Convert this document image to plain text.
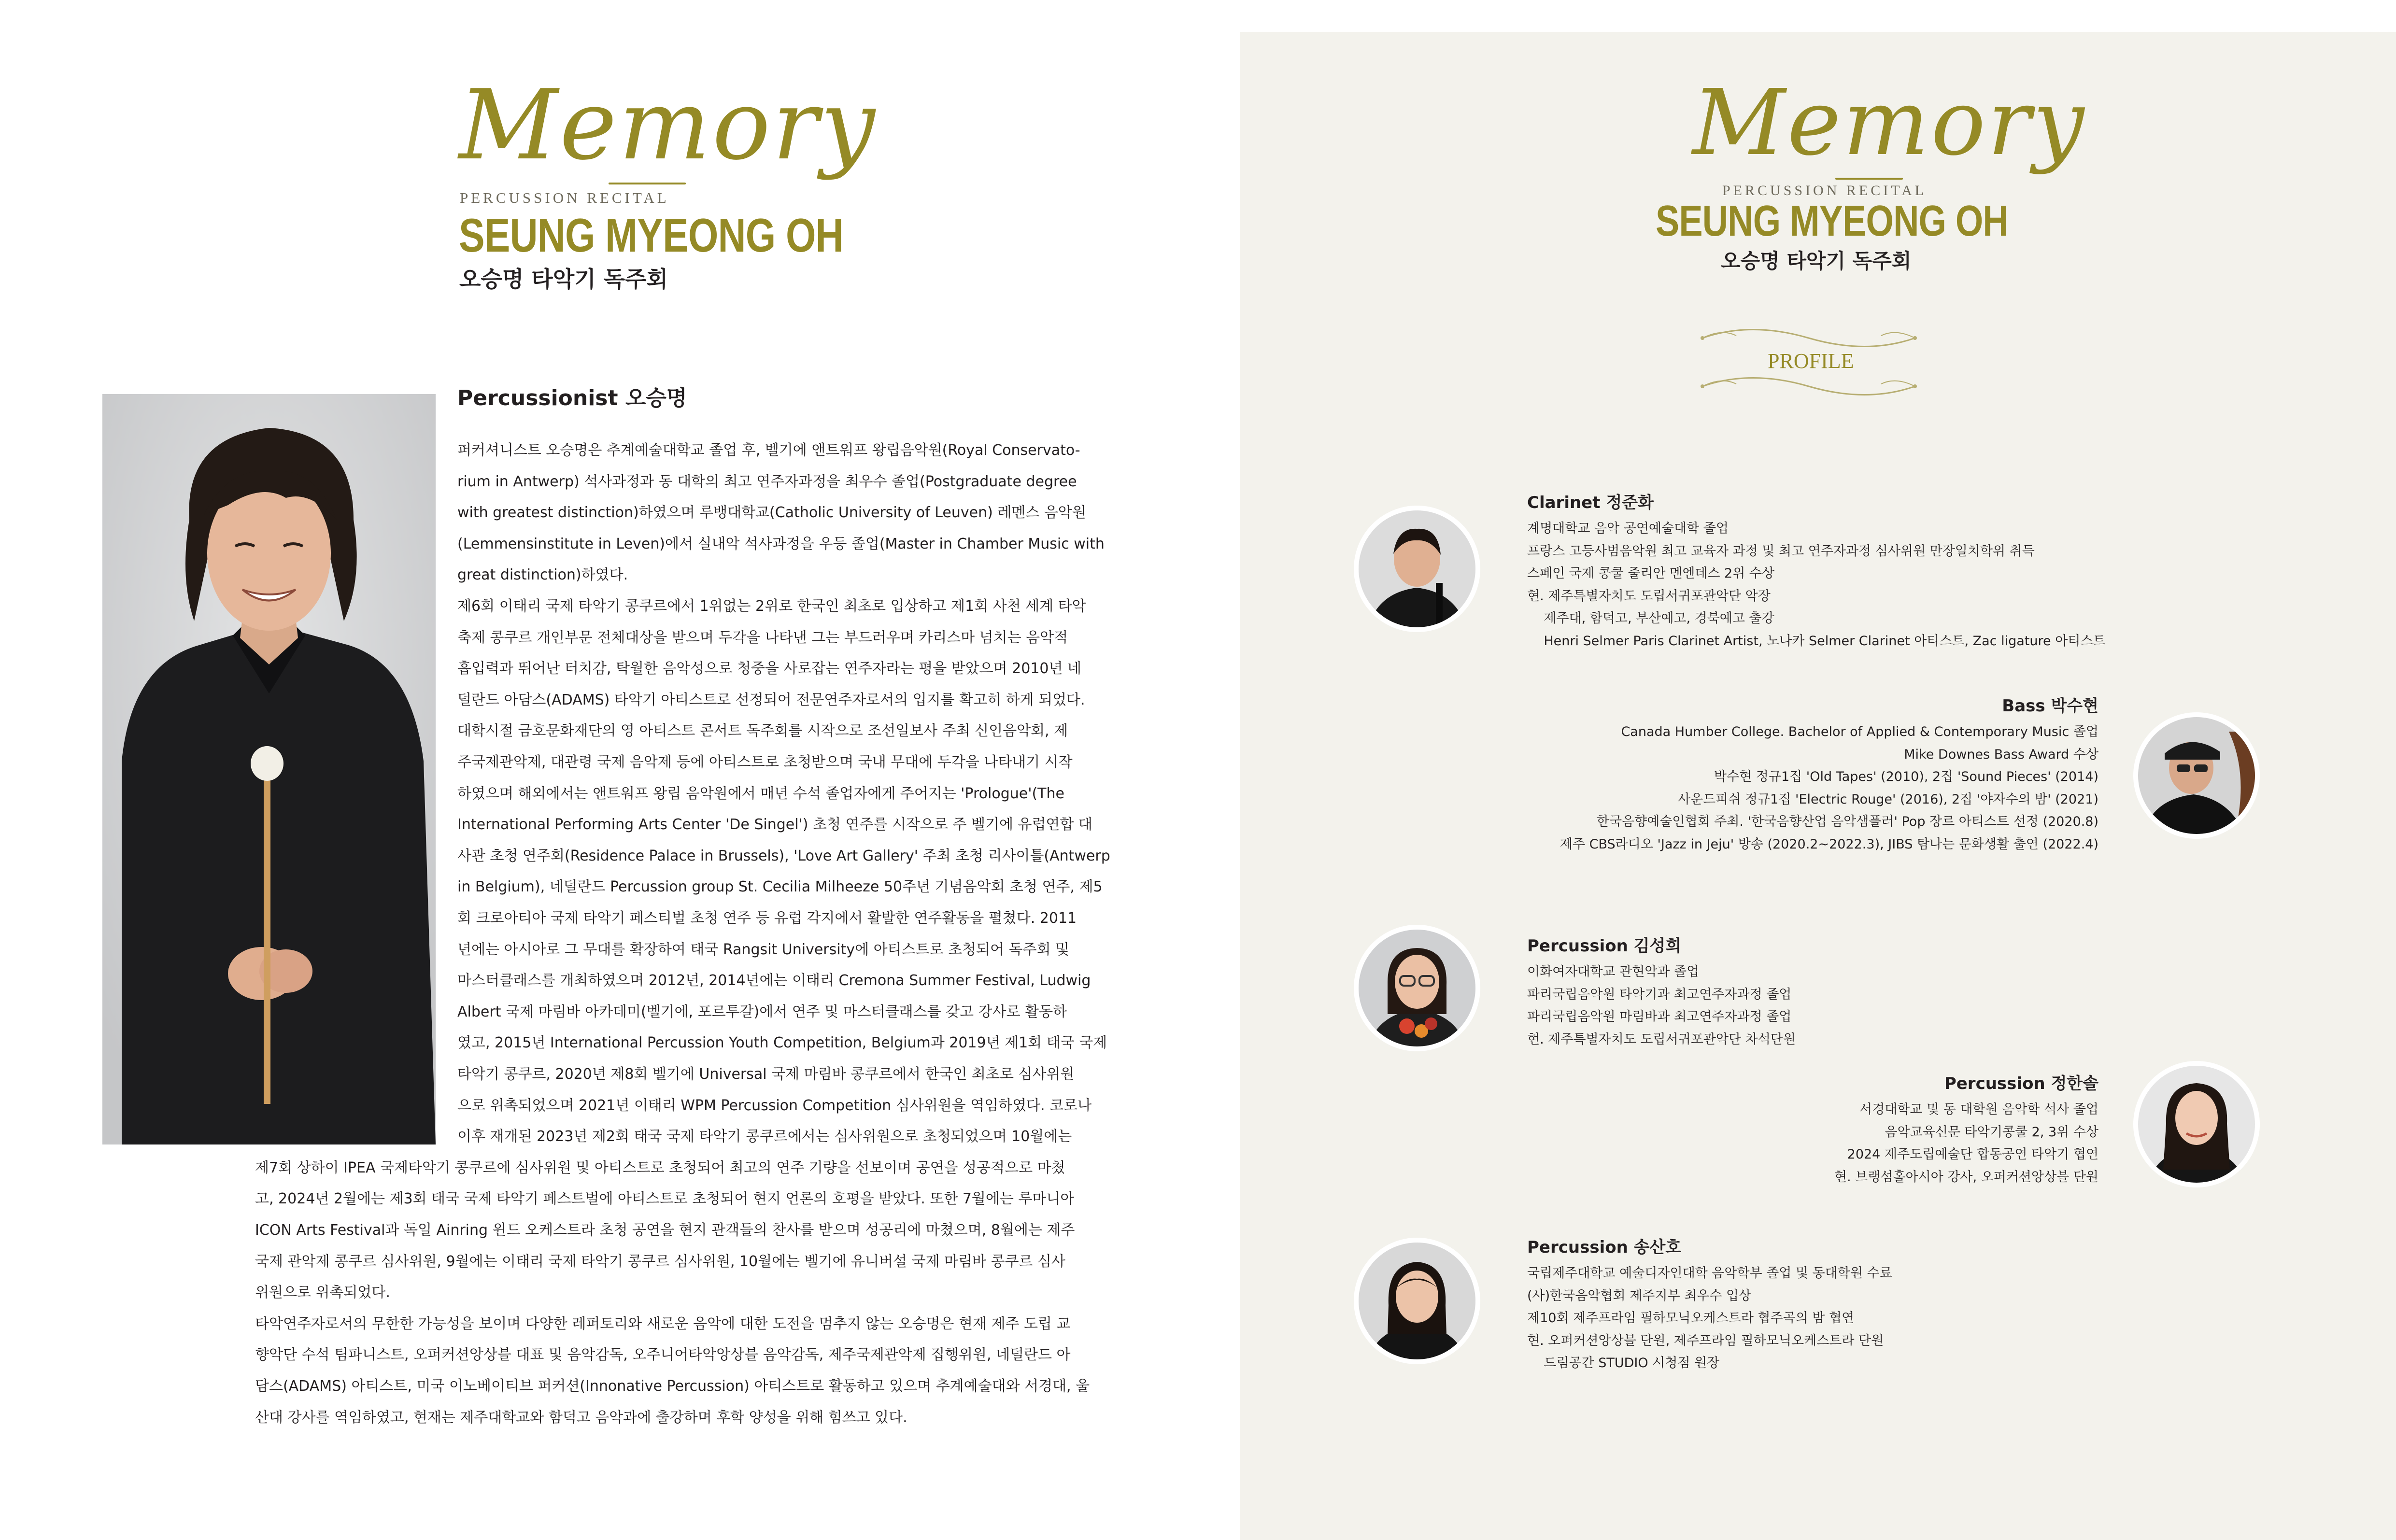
Memory
PERCUSSION RECITAL
SEUNG MYEONG OH
오승명 타악기 독주회
Percussionist 오승명
퍼커셔니스트 오승명은 추계예술대학교 졸업 후, 벨기에 앤트워프 왕립음악원(Royal Conservato-
rium in Antwerp) 석사과정과 동 대학의 최고 연주자과정을 최우수 졸업(Postgraduate degree
with greatest distinction)하였으며 루뱅대학교(Catholic University of Leuven) 레멘스 음악원
(Lemmensinstitute in Leven)에서 실내악 석사과정을 우등 졸업(Master in Chamber Music with
great distinction)하였다.
제6회 이태리 국제 타악기 콩쿠르에서 1위없는 2위로 한국인 최초로 입상하고 제1회 사천 세계 타악
축제 콩쿠르 개인부문 전체대상을 받으며 두각을 나타낸 그는 부드러우며 카리스마 넘치는 음악적
흡입력과 뛰어난 터치감, 탁월한 음악성으로 청중을 사로잡는 연주자라는 평을 받았으며 2010년 네
덜란드 아담스(ADAMS) 타악기 아티스트로 선정되어 전문연주자로서의 입지를 확고히 하게 되었다.
대학시절 금호문화재단의 영 아티스트 콘서트 독주회를 시작으로 조선일보사 주최 신인음악회, 제
주국제관악제, 대관령 국제 음악제 등에 아티스트로 초청받으며 국내 무대에 두각을 나타내기 시작
하였으며 해외에서는 앤트워프 왕립 음악원에서 매년 수석 졸업자에게 주어지는 'Prologue'(The
International Performing Arts Center 'De Singel') 초청 연주를 시작으로 주 벨기에 유럽연합 대
사관 초청 연주회(Residence Palace in Brussels), 'Love Art Gallery' 주최 초청 리사이틀(Antwerp
in Belgium), 네덜란드 Percussion group St. Cecilia Milheeze 50주년 기념음악회 초청 연주, 제5
회 크로아티아 국제 타악기 페스티벌 초청 연주 등 유럽 각지에서 활발한 연주활동을 펼쳤다. 2011
년에는 아시아로 그 무대를 확장하여 태국 Rangsit University에 아티스트로 초청되어 독주회 및
마스터클래스를 개최하였으며 2012년, 2014년에는 이태리 Cremona Summer Festival, Ludwig
Albert 국제 마림바 아카데미(벨기에, 포르투갈)에서 연주 및 마스터클래스를 갖고 강사로 활동하
였고, 2015년 International Percussion Youth Competition, Belgium과 2019년 제1회 태국 국제
타악기 콩쿠르, 2020년 제8회 벨기에 Universal 국제 마림바 콩쿠르에서 한국인 최초로 심사위원
으로 위촉되었으며 2021년 이태리 WPM Percussion Competition 심사위원을 역임하였다. 코로나
이후 재개된 2023년 제2회 태국 국제 타악기 콩쿠르에서는 심사위원으로 초청되었으며 10월에는
제7회 상하이 IPEA 국제타악기 콩쿠르에 심사위원 및 아티스트로 초청되어 최고의 연주 기량을 선보이며 공연을 성공적으로 마쳤
고, 2024년 2월에는 제3회 태국 국제 타악기 페스트벌에 아티스트로 초청되어 현지 언론의 호평을 받았다. 또한 7월에는 루마니아
ICON Arts Festival과 독일 Ainring 윈드 오케스트라 초청 공연을 현지 관객들의 찬사를 받으며 성공리에 마쳤으며, 8월에는 제주
국제 관악제 콩쿠르 심사위원, 9월에는 이태리 국제 타악기 콩쿠르 심사위원, 10월에는 벨기에 유니버설 국제 마림바 콩쿠르 심사
위원으로 위촉되었다.
타악연주자로서의 무한한 가능성을 보이며 다양한 레퍼토리와 새로운 음악에 대한 도전을 멈추지 않는 오승명은 현재 제주 도립 교
향악단 수석 팀파니스트, 오퍼커션앙상블 대표 및 음악감독, 오주니어타악앙상블 음악감독, 제주국제관악제 집행위원, 네덜란드 아
담스(ADAMS) 아티스트, 미국 이노베이티브 퍼커션(Innonative Percussion) 아티스트로 활동하고 있으며 추계예술대와 서경대, 울
산대 강사를 역임하였고, 현재는 제주대학교와 함덕고 음악과에 출강하며 후학 양성을 위해 힘쓰고 있다.
Memory
PERCUSSION RECITAL
SEUNG MYEONG OH
오승명 타악기 독주회
PROFILE
Clarinet 정준화
계명대학교 음악 공연예술대학 졸업
프랑스 고등사범음악원 최고 교육자 과정 및 최고 연주자과정 심사위원 만장일치학위 취득
스페인 국제 콩쿨 줄리안 멘엔데스 2위 수상
현. 제주특별자치도 도립서귀포관악단 악장
제주대, 함덕고, 부산예고, 경북예고 출강
Henri Selmer Paris Clarinet Artist, 노나카 Selmer Clarinet 아티스트, Zac ligature 아티스트
Bass 박수현
Canada Humber College. Bachelor of Applied & Contemporary Music 졸업
Mike Downes Bass Award 수상
박수현 정규1집 'Old Tapes' (2010), 2집 'Sound Pieces' (2014)
사운드피쉬 정규1집 'Electric Rouge' (2016), 2집 '야자수의 밤' (2021)
한국음향예술인협회 주최. '한국음향산업 음악샘플러' Pop 장르 아티스트 선정 (2020.8)
제주 CBS라디오 'Jazz in Jeju' 방송 (2020.2~2022.3), JIBS 탐나는 문화생활 출연 (2022.4)
Percussion 김성희
이화여자대학교 관현악과 졸업
파리국립음악원 타악기과 최고연주자과정 졸업
파리국립음악원 마림바과 최고연주자과정 졸업
현. 제주특별자치도 도립서귀포관악단 차석단원
Percussion 정한솔
서경대학교 및 동 대학원 음악학 석사 졸업
음악교육신문 타악기콩쿨 2, 3위 수상
2024 제주도립예술단 합동공연 타악기 협연
현. 브랭섬홀아시아 강사, 오퍼커션앙상블 단원
Percussion 송산호
국립제주대학교 예술디자인대학 음악학부 졸업 및 동대학원 수료
(사)한국음악협회 제주지부 최우수 입상
제10회 제주프라임 필하모닉오케스트라 협주곡의 밤 협연
현. 오퍼커션앙상블 단원, 제주프라임 필하모닉오케스트라 단원
드림공간 STUDIO 시청점 원장
